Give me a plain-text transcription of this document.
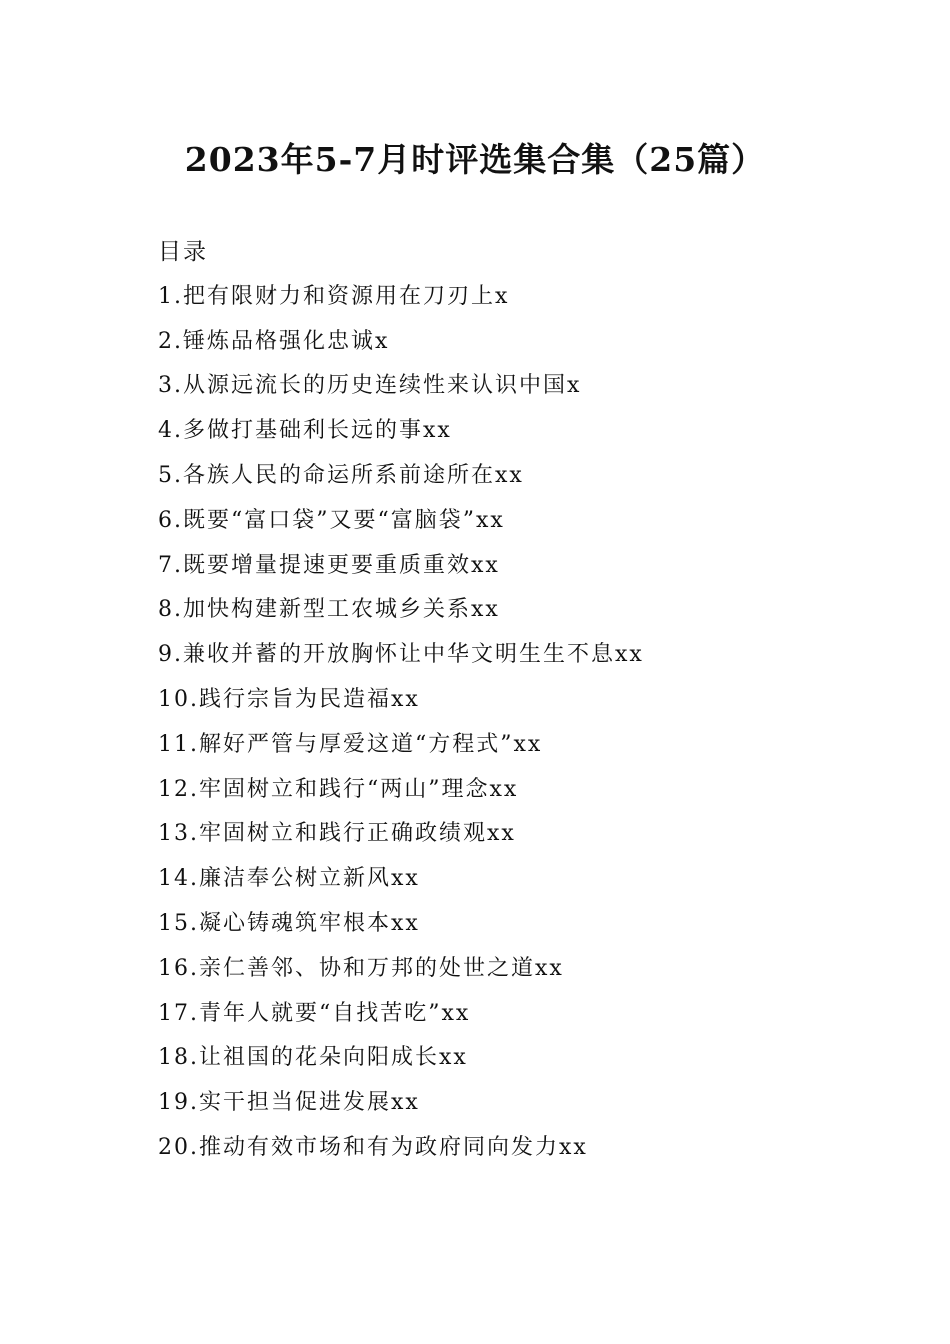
2023年5-7月时评选集合集（25篇）
目录
1.把有限财力和资源用在刀刃上x
2.锤炼品格强化忠诚x
3.从源远流长的历史连续性来认识中国x
4.多做打基础利长远的事xx
5.各族人民的命运所系前途所在xx
6.既要“富口袋”又要“富脑袋”xx
7.既要增量提速更要重质重效xx
8.加快构建新型工农城乡关系xx
9.兼收并蓄的开放胸怀让中华文明生生不息xx
10.践行宗旨为民造福xx
11.解好严管与厚爱这道“方程式”xx
12.牢固树立和践行“两山”理念xx
13.牢固树立和践行正确政绩观xx
14.廉洁奉公树立新风xx
15.凝心铸魂筑牢根本xx
16.亲仁善邻、协和万邦的处世之道xx
17.青年人就要“自找苦吃”xx
18.让祖国的花朵向阳成长xx
19.实干担当促进发展xx
20.推动有效市场和有为政府同向发力xx
